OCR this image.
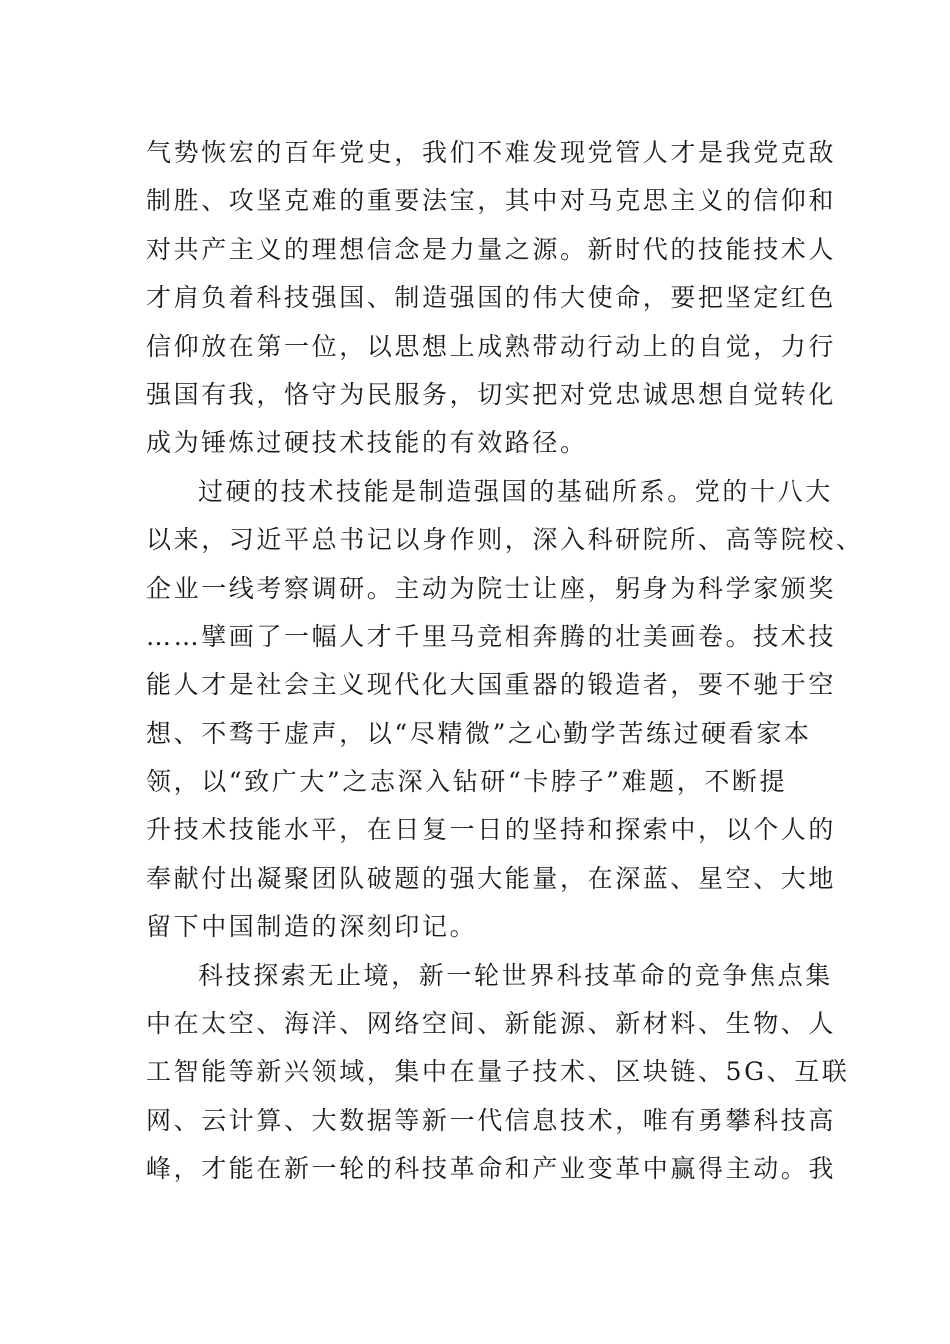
气势恢宏的百年党史，我们不难发现党管人才是我党克敌
制胜、攻坚克难的重要法宝，其中对马克思主义的信仰和
对共产主义的理想信念是力量之源。新时代的技能技术人
才肩负着科技强国、制造强国的伟大使命，要把坚定红色
信仰放在第一位，以思想上成熟带动行动上的自觉，力行
强国有我，恪守为民服务，切实把对党忠诚思想自觉转化
成为锤炼过硬技术技能的有效路径。
过硬的技术技能是制造强国的基础所系。党的十八大
以来，习近平总书记以身作则，深入科研院所、高等院校、
企业一线考察调研。主动为院士让座，躬身为科学家颁奖
……擘画了一幅人才千里马竞相奔腾的壮美画卷。技术技
能人才是社会主义现代化大国重器的锻造者，要不驰于空
想、不骛于虚声，以“尽精微”之心勤学苦练过硬看家本
领，以“致广大”之志深入钻研“卡脖子”难题，不断提
升技术技能水平，在日复一日的坚持和探索中，以个人的
奉献付出凝聚团队破题的强大能量，在深蓝、星空、大地
留下中国制造的深刻印记。
科技探索无止境，新一轮世界科技革命的竞争焦点集
中在太空、海洋、网络空间、新能源、新材料、生物、人
工智能等新兴领域，集中在量子技术、区块链、5G、互联
网、云计算、大数据等新一代信息技术，唯有勇攀科技高
峰，才能在新一轮的科技革命和产业变革中赢得主动。我
